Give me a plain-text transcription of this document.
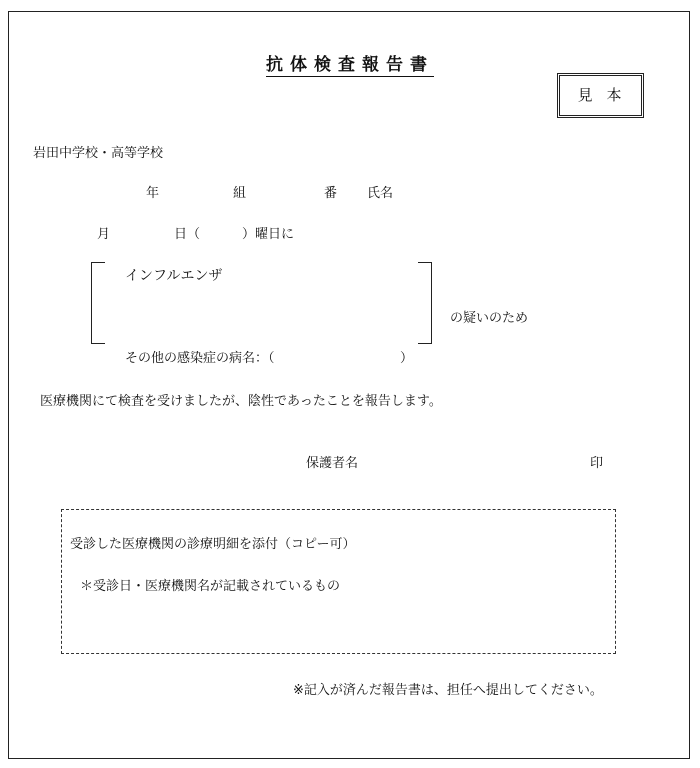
抗体検査報告書
見本
岩田中学校・高等学校
年	組	番 氏名
月	日（	）曜日に
インフルエンザ
の疑いのため
その他の感染症の病名：（	）
医療機関にて検査を受けましたが、陰性であったことを報告します。
保護者名	印
受診した医療機関の診療明細を添付（コピー可）
＊受診日・医療機関名が記載されているもの
※記入が済んだ報告書は、担任へ提出してください。
